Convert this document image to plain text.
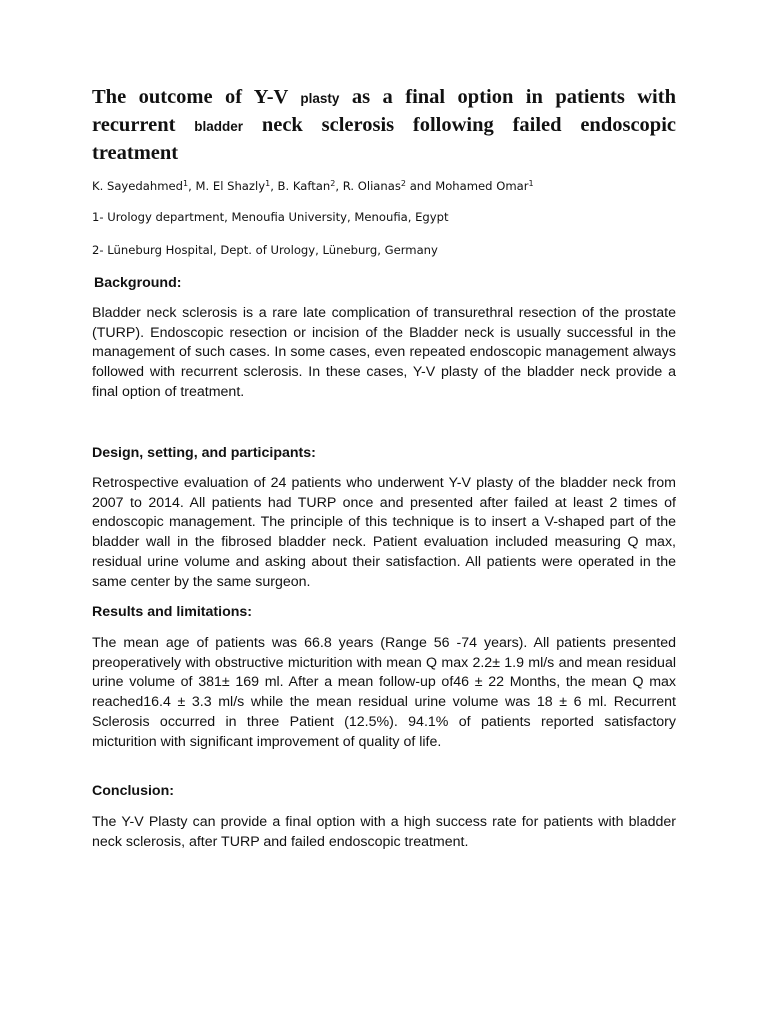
The outcome of Y-V plasty as a final option in patients with recurrent bladder neck sclerosis following failed endoscopic treatment

K. Sayedahmed$^1$, M. El Shazly$^1$, B. Kaftan$^2$, R. Olianas$^2$ and Mohamed Omar$^1$

1- Urology department, Menoufia University, Menoufia, Egypt

2- Lüneburg Hospital, Dept. of Urology, Lüneburg, Germany

Background:

Bladder neck sclerosis is a rare late complication of transurethral resection of the prostate (TURP). Endoscopic resection or incision of the Bladder neck is usually successful in the management of such cases. In some cases, even repeated endoscopic management always followed with recurrent sclerosis. In these cases, Y-V plasty of the bladder neck provide a final option of treatment.

Design, setting, and participants:

Retrospective evaluation of 24 patients who underwent Y-V plasty of the bladder neck from 2007 to 2014. All patients had TURP once and presented after failed at least 2 times of endoscopic management. The principle of this technique is to insert a V-shaped part of the bladder wall in the fibrosed bladder neck. Patient evaluation included measuring Q max, residual urine volume and asking about their satisfaction. All patients were operated in the same center by the same surgeon.

Results and limitations:

The mean age of patients was 66.8 years (Range 56 -74 years). All patients presented preoperatively with obstructive micturition with mean Q max 2.2± 1.9 ml/s and mean residual urine volume of 381± 169 ml. After a mean follow-up of46 ± 22 Months, the mean Q max reached16.4 ± 3.3 ml/s while the mean residual urine volume was 18 ± 6 ml. Recurrent Sclerosis occurred in three Patient (12.5%). 94.1% of patients reported satisfactory micturition with significant improvement of quality of life.

Conclusion:

The Y-V Plasty can provide a final option with a high success rate for patients with bladder neck sclerosis, after TURP and failed endoscopic treatment.
